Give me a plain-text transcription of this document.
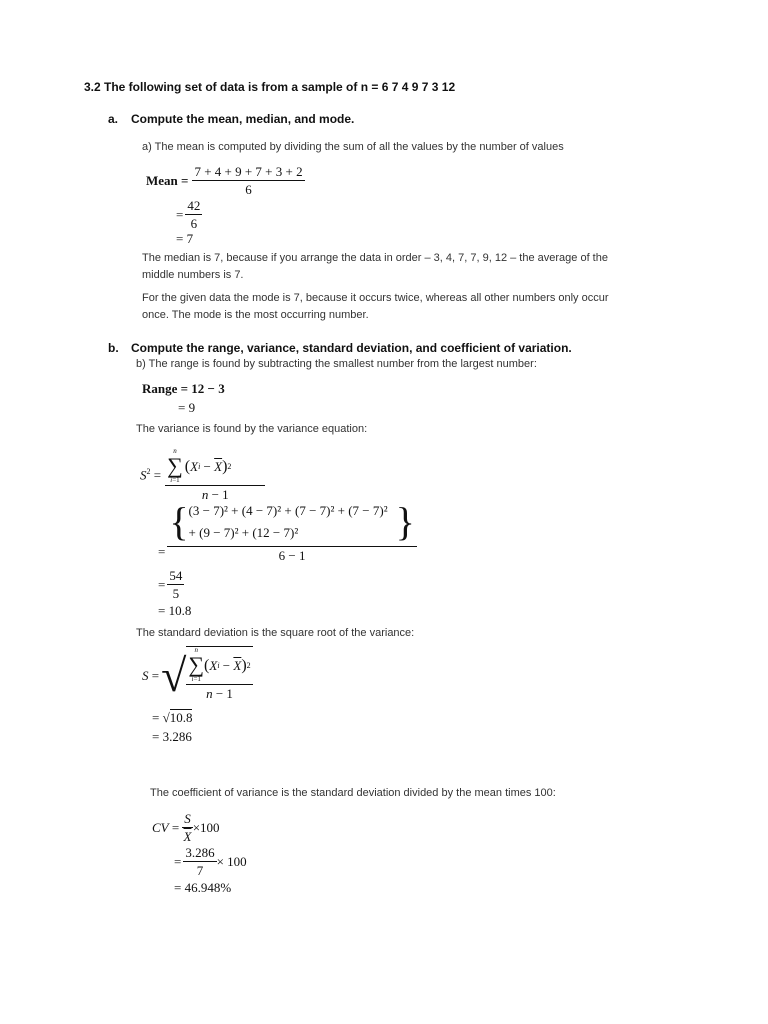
3.2 The following set of data is from a sample of n = 6 7 4 9 7 3 12
a. Compute the mean, median, and mode.
a) The mean is computed by dividing the sum of all the values by the number of values
Mean = $\frac{7 + 4 + 9 + 7 + 3 + 2}{6}$
= $\frac{42}{6}$
= 7
The median is 7, because if you arrange the data in order – 3, 4, 7, 7, 9, 12 – the average of the
middle numbers is 7.
For the given data the mode is 7, because it occurs twice, whereas all other numbers only occur
once. The mode is the most occurring number.
b. Compute the range, variance, standard deviation, and coefficient of variation.
b) The range is found by subtracting the smallest number from the largest number:
Range = 12 − 3
= 9
The variance is found by the variance equation:
$S^2 = n$
∑
i=1
( X $i - \overline{X}$ ) 2
n − 1
=
{ (3 − 7)² + (4 − 7)² + (7 − 7)² + (7 − 7)²
+ (9 − 7)² + (12 − 7)²	}
6 − 1
= $\frac{54}{5}$
= 10.8
The standard deviation is the square root of the variance:
S = √ n
∑
i=1
( X $i - \overline{X}$ ) 2
n − 1
= √ 10.8
= 3.286
The coefficient of variance is the standard deviation divided by the mean times 100:
CV = $\frac{S}{X} \times 100$
= $\frac{3.286}{7} \times 100$
= 46.948%
